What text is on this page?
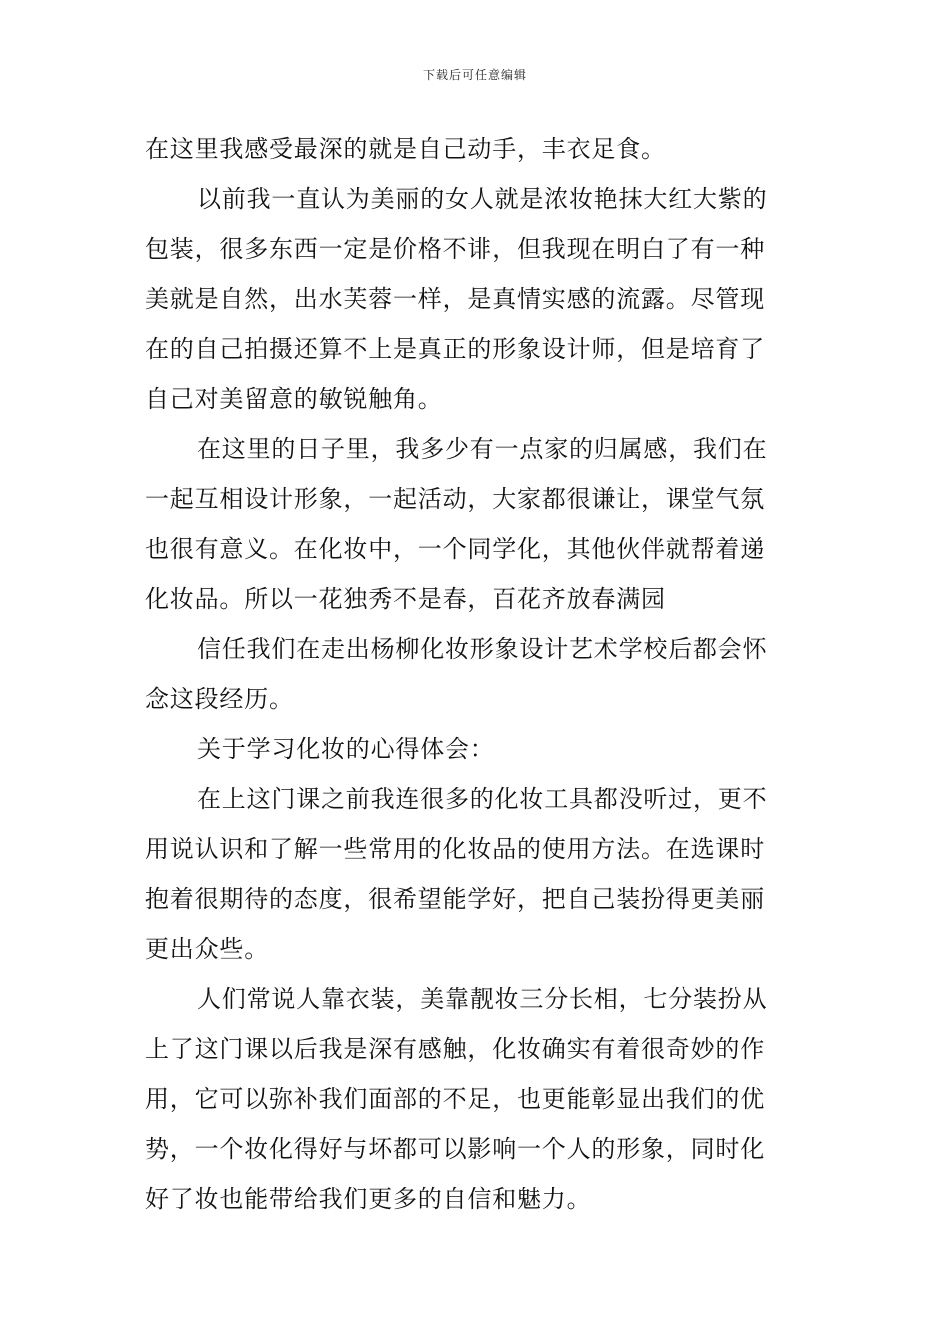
下载后可任意编辑
在这里我感受最深的就是自己动手，丰衣足食。
以前我一直认为美丽的女人就是浓妆艳抹大红大紫的
包装，很多东西一定是价格不诽，但我现在明白了有一种
美就是自然，出水芙蓉一样，是真情实感的流露。尽管现
在的自己拍摄还算不上是真正的形象设计师，但是培育了
自己对美留意的敏锐触角。
在这里的日子里，我多少有一点家的归属感，我们在
一起互相设计形象，一起活动，大家都很谦让，课堂气氛
也很有意义。在化妆中，一个同学化，其他伙伴就帮着递
化妆品。所以一花独秀不是春，百花齐放春满园
信任我们在走出杨柳化妆形象设计艺术学校后都会怀
念这段经历。
关于学习化妆的心得体会：
在上这门课之前我连很多的化妆工具都没听过，更不
用说认识和了解一些常用的化妆品的使用方法。在选课时
抱着很期待的态度，很希望能学好，把自己装扮得更美丽
更出众些。
人们常说人靠衣装，美靠靓妆三分长相，七分装扮从
上了这门课以后我是深有感触，化妆确实有着很奇妙的作
用，它可以弥补我们面部的不足，也更能彰显出我们的优
势，一个妆化得好与坏都可以影响一个人的形象，同时化
好了妆也能带给我们更多的自信和魅力。
